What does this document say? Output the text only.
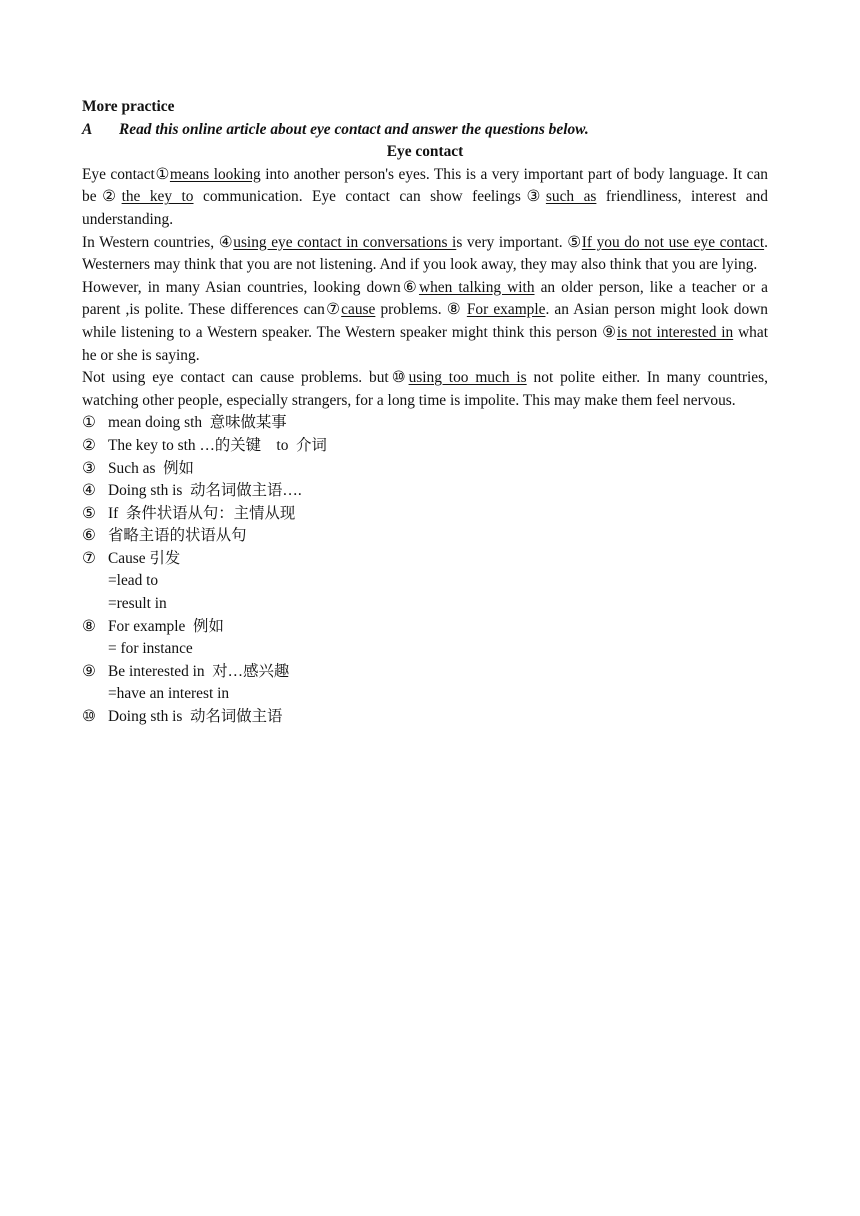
More practice
A Read this online article about eye contact and answer the questions below.
Eye contact
Eye contact①means looking into another person's eyes. This is a very important part of body language. It can be②the key to communication. Eye contact can show feelings③such as friendliness, interest and understanding.
In Western countries, ④using eye contact in conversations is very important. ⑤If you do not use eye contact. Westerners may think that you are not listening. And if you look away, they may also think that you are lying.
However, in many Asian countries, looking down⑥when talking with an older person, like a teacher or a parent ,is polite. These differences can⑦cause problems. ⑧ For example. an Asian person might look down while listening to a Western speaker. The Western speaker might think this person ⑨is not interested in what he or she is saying.
Not using eye contact can cause problems. but⑩using too much is not polite either. In many countries, watching other people, especially strangers, for a long time is impolite. This may make them feel nervous.
① mean doing sth  意味做某事
② The key to sth …的关键    to  介词
③ Such as  例如
④ Doing sth is  动名词做主语….
⑤ If  条件状语从句：主情从现
⑥ 省略主语的状语从句
⑦ Cause 引发
=lead to
=result in
⑧ For example  例如
= for instance
⑨ Be interested in  对…感兴趣
=have an interest in
⑩ Doing sth is  动名词做主语
